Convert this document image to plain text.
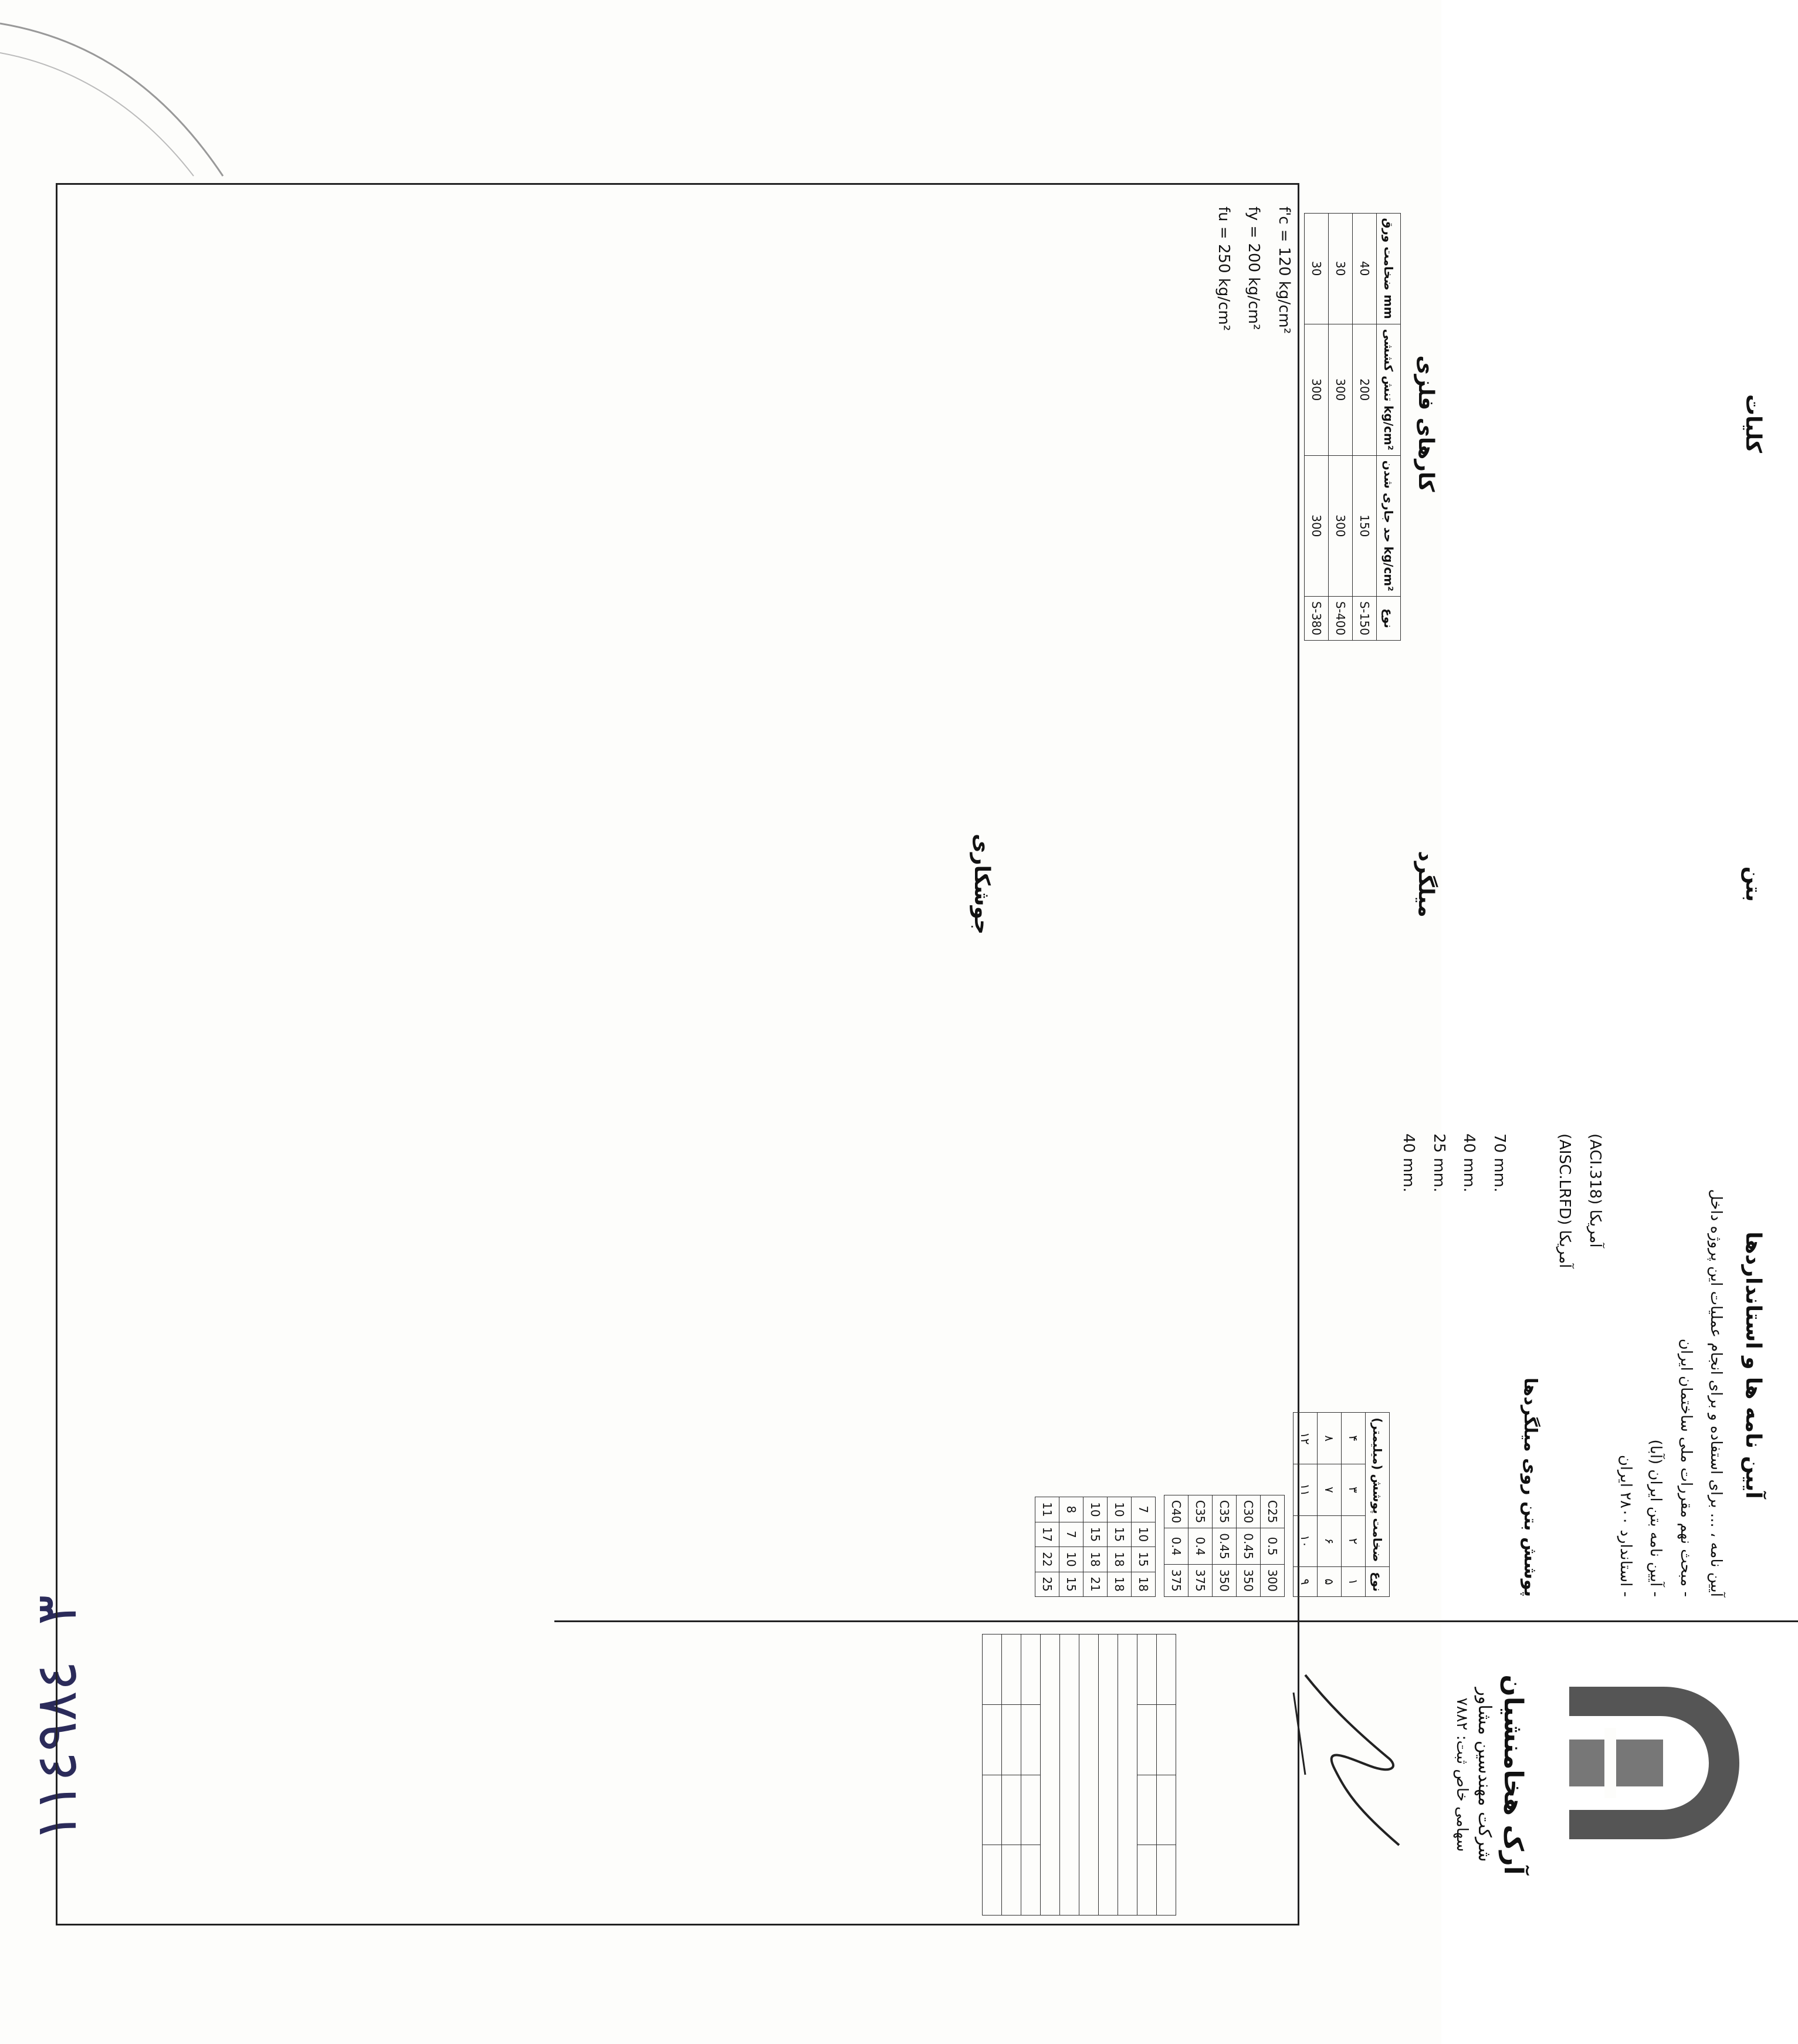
١١٤٩٨٤ ۳
آرک هخامنشیان
شرکت مهندسین مشاور
سهامی خاص ثبت: ۷۸۸۲

آیین نامه ها و استانداردها

آیین نامه ، ... برای استفاده و برای انجام عملیات این پروژه داخل

- مبحث نهم مقررات ملی ساختمان ایران

- آیین نامه بتن ایران (آبا)

- استاندارد ۲۸۰۰ ایران

(ACI.318) آمریکا

(AISC.LRFD) آمریکا

پوشش بتن روی میلگردها

70 mm.

40 mm.

25 mm.

40 mm.

نوع	ضخامت پوشش (میلیمتر)		
۱	۲	۳	۴
۵	۶	۷	۸
۹	۱۰	۱۱	۱۲
C25	0.5	300
C30	0.45	350
C35	0.45	350
C35	0.4	375
C40	0.4	375
7	10	15	18
10	15	18	18
10	15	18	21
8	7	10	15
11	17	22	25
بتن
میلگرد
جوشکاری
کلیات
کارهای فلزی
ضخامت ورق mm	تنش کششی kg/cm²	حد جاری شدن kg/cm²	نوع
40	200	150	S-150
30	300	300	S-400
30	300	300	S-380

f'c = 120 kg/cm²

fy = 200 kg/cm²

fu = 250 kg/cm²
